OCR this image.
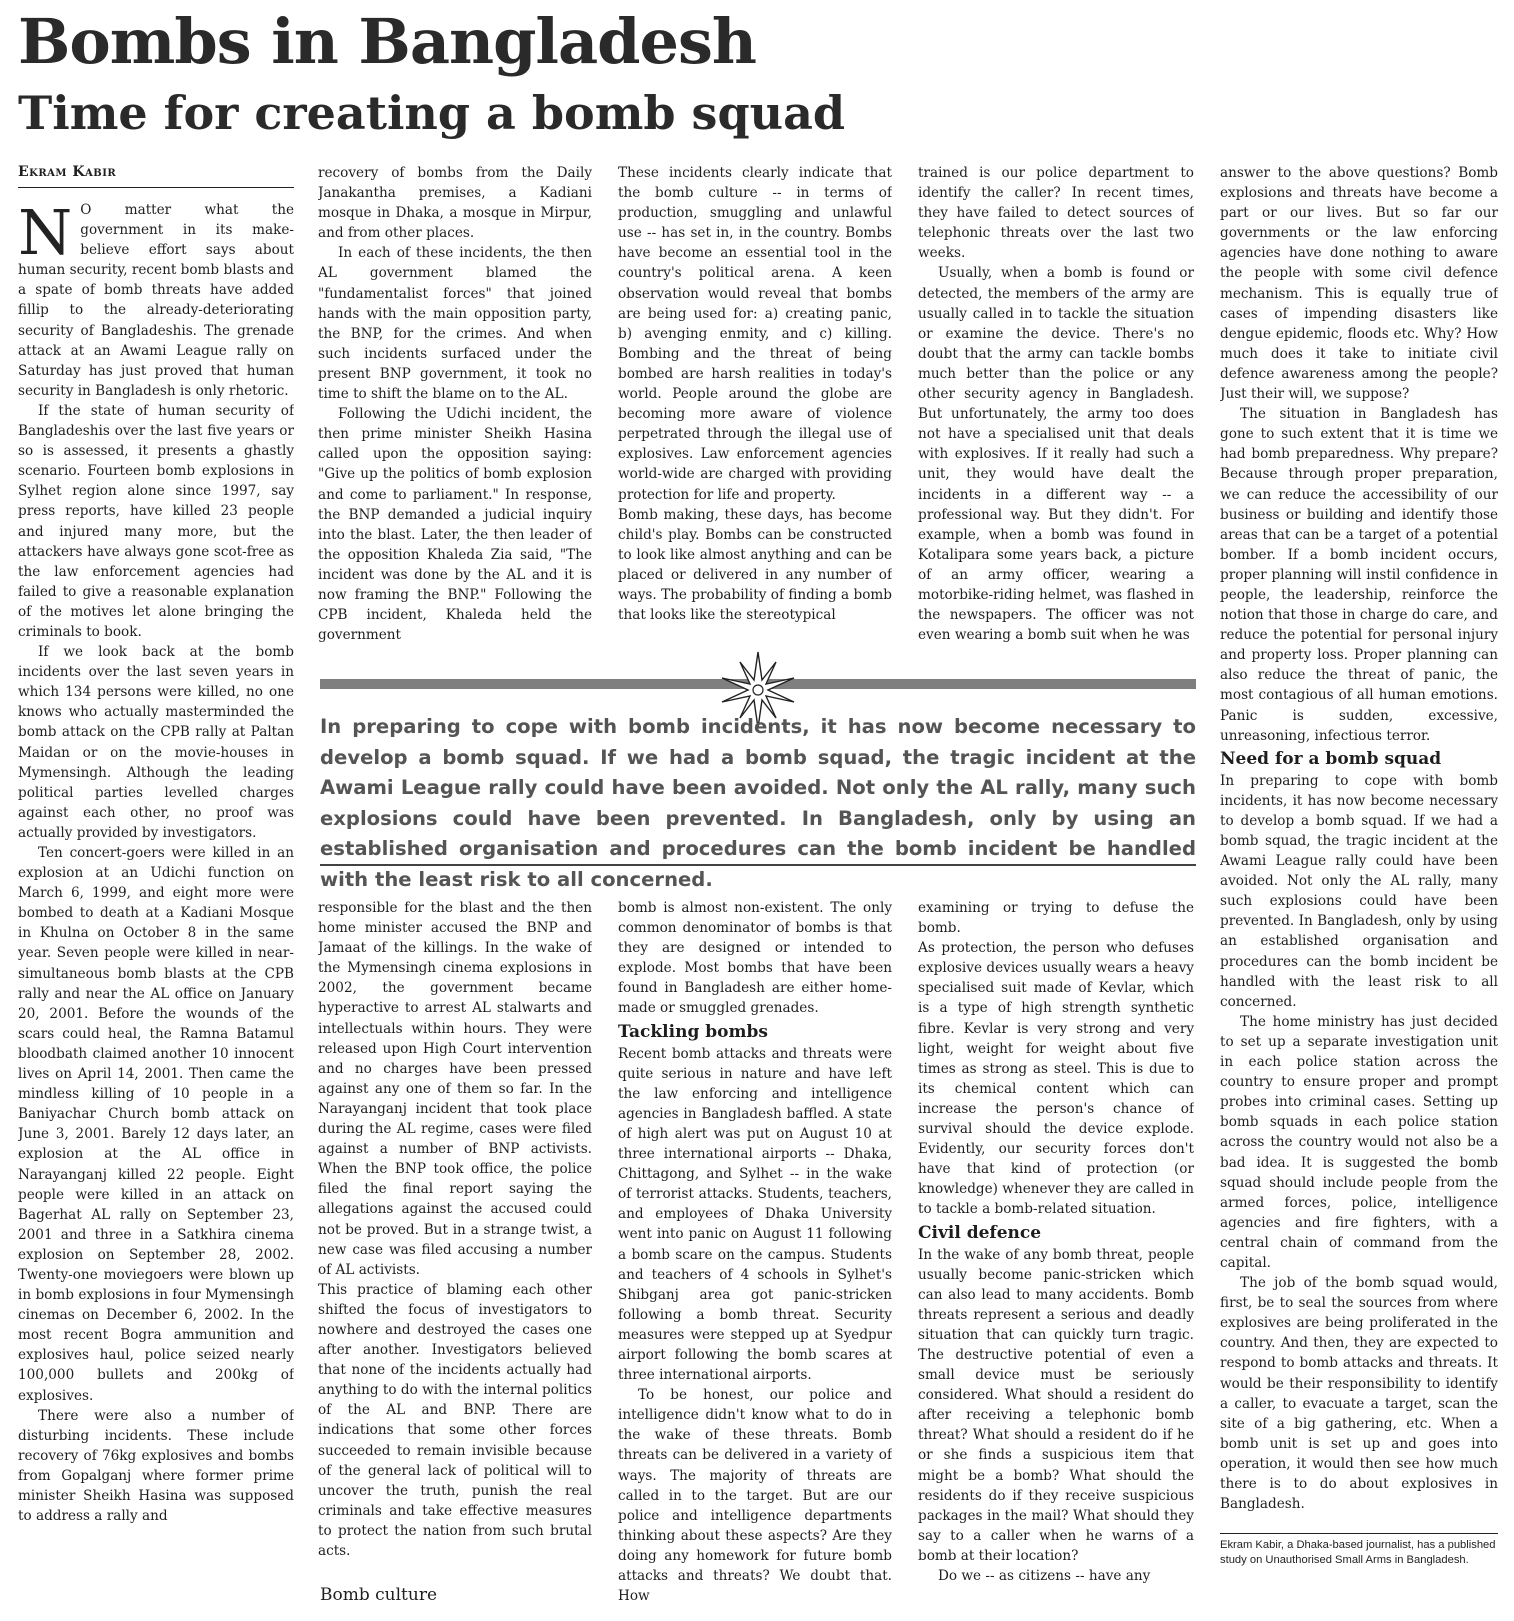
Bombs in Bangladesh
Time for creating a bomb squad
Ekram Kabir

N O matter what the government in its make-believe effort says about human security, recent bomb blasts and a spate of bomb threats have added fillip to the already-deteriorating security of Bangladeshis. The grenade attack at an Awami League rally on Saturday has just proved that human security in Bangladesh is only rhetoric.

If the state of human security of Bangladeshis over the last five years or so is assessed, it presents a ghastly scenario. Fourteen bomb explosions in Sylhet region alone since 1997, say press reports, have killed 23 people and injured many more, but the attackers have always gone scot-free as the law enforcement agencies had failed to give a reasonable explanation of the motives let alone bringing the criminals to book.

If we look back at the bomb incidents over the last seven years in which 134 persons were killed, no one knows who actually masterminded the bomb attack on the CPB rally at Paltan Maidan or on the movie-houses in Mymensingh. Although the leading political parties levelled charges against each other, no proof was actually provided by investigators.

Ten concert-goers were killed in an explosion at an Udichi function on March 6, 1999, and eight more were bombed to death at a Kadiani Mosque in Khulna on October 8 in the same year. Seven people were killed in near-simultaneous bomb blasts at the CPB rally and near the AL office on January 20, 2001. Before the wounds of the scars could heal, the Ramna Batamul bloodbath claimed another 10 innocent lives on April 14, 2001. Then came the mindless killing of 10 people in a Baniyachar Church bomb attack on June 3, 2001. Barely 12 days later, an explosion at the AL office in Narayanganj killed 22 people. Eight people were killed in an attack on Bagerhat AL rally on September 23, 2001 and three in a Satkhira cinema explosion on September 28, 2002. Twenty-one moviegoers were blown up in bomb explosions in four Mymensingh cinemas on December 6, 2002. In the most recent Bogra ammunition and explosives haul, police seized nearly 100,000 bullets and 200kg of explosives.

There were also a number of disturbing incidents. These include recovery of 76kg explosives and bombs from Gopalganj where former prime minister Sheikh Hasina was supposed to address a rally and

recovery of bombs from the Daily Janakantha premises, a Kadiani mosque in Dhaka, a mosque in Mirpur, and from other places.

In each of these incidents, the then AL government blamed the "fundamentalist forces" that joined hands with the main opposition party, the BNP, for the crimes. And when such incidents surfaced under the present BNP government, it took no time to shift the blame on to the AL.

Following the Udichi incident, the then prime minister Sheikh Hasina called upon the opposition saying: "Give up the politics of bomb explosion and come to parliament." In response, the BNP demanded a judicial inquiry into the blast. Later, the then leader of the opposition Khaleda Zia said, "The incident was done by the AL and it is now framing the BNP." Following the CPB incident, Khaleda held the government

These incidents clearly indicate that the bomb culture -- in terms of production, smuggling and unlawful use -- has set in, in the country. Bombs have become an essential tool in the country's political arena. A keen observation would reveal that bombs are being used for: a) creating panic, b) avenging enmity, and c) killing. Bombing and the threat of being bombed are harsh realities in today's world. People around the globe are becoming more aware of violence perpetrated through the illegal use of explosives. Law enforcement agencies world-wide are charged with providing protection for life and property.

Bomb making, these days, has become child's play. Bombs can be constructed to look like almost anything and can be placed or delivered in any number of ways. The probability of finding a bomb that looks like the stereotypical

trained is our police department to identify the caller? In recent times, they have failed to detect sources of telephonic threats over the last two weeks.

Usually, when a bomb is found or detected, the members of the army are usually called in to tackle the situation or examine the device. There's no doubt that the army can tackle bombs much better than the police or any other security agency in Bangladesh. But unfortunately, the army too does not have a specialised unit that deals with explosives. If it really had such a unit, they would have dealt the incidents in a different way -- a professional way. But they didn't. For example, when a bomb was found in Kotalipara some years back, a picture of an army officer, wearing a motorbike-riding helmet, was flashed in the newspapers. The officer was not even wearing a bomb suit when he was

In preparing to cope with bomb incidents, it has now become necessary to develop a bomb squad. If we had a bomb squad, the tragic incident at the Awami League rally could have been avoided. Not only the AL rally, many such explosions could have been prevented. In Bangladesh, only by using an established organisation and procedures can the bomb incident be handled with the least risk to all concerned.

responsible for the blast and the then home minister accused the BNP and Jamaat of the killings. In the wake of the Mymensingh cinema explosions in 2002, the government became hyperactive to arrest AL stalwarts and intellectuals within hours. They were released upon High Court intervention and no charges have been pressed against any one of them so far. In the Narayanganj incident that took place during the AL regime, cases were filed against a number of BNP activists. When the BNP took office, the police filed the final report saying the allegations against the accused could not be proved. But in a strange twist, a new case was filed accusing a number of AL activists.

This practice of blaming each other shifted the focus of investigators to nowhere and destroyed the cases one after another. Investigators believed that none of the incidents actually had anything to do with the internal politics of the AL and BNP. There are indications that some other forces succeeded to remain invisible because of the general lack of political will to uncover the truth, punish the real criminals and take effective measures to protect the nation from such brutal acts.

Bomb culture

bomb is almost non-existent. The only common denominator of bombs is that they are designed or intended to explode. Most bombs that have been found in Bangladesh are either home-made or smuggled grenades.

Tackling bombs

Recent bomb attacks and threats were quite serious in nature and have left the law enforcing and intelligence agencies in Bangladesh baffled. A state of high alert was put on August 10 at three international airports -- Dhaka, Chittagong, and Sylhet -- in the wake of terrorist attacks. Students, teachers, and employees of Dhaka University went into panic on August 11 following a bomb scare on the campus. Students and teachers of 4 schools in Sylhet's Shibganj area got panic-stricken following a bomb threat. Security measures were stepped up at Syedpur airport following the bomb scares at three international airports.

To be honest, our police and intelligence didn't know what to do in the wake of these threats. Bomb threats can be delivered in a variety of ways. The majority of threats are called in to the target. But are our police and intelligence departments thinking about these aspects? Are they doing any homework for future bomb attacks and threats? We doubt that. How

examining or trying to defuse the bomb.

As protection, the person who defuses explosive devices usually wears a heavy specialised suit made of Kevlar, which is a type of high strength synthetic fibre. Kevlar is very strong and very light, weight for weight about five times as strong as steel. This is due to its chemical content which can increase the person's chance of survival should the device explode. Evidently, our security forces don't have that kind of protection (or knowledge) whenever they are called in to tackle a bomb-related situation.

Civil defence

In the wake of any bomb threat, people usually become panic-stricken which can also lead to many accidents. Bomb threats represent a serious and deadly situation that can quickly turn tragic. The destructive potential of even a small device must be seriously considered. What should a resident do after receiving a telephonic bomb threat? What should a resident do if he or she finds a suspicious item that might be a bomb? What should the residents do if they receive suspicious packages in the mail? What should they say to a caller when he warns of a bomb at their location?

Do we -- as citizens -- have any

answer to the above questions? Bomb explosions and threats have become a part or our lives. But so far our governments or the law enforcing agencies have done nothing to aware the people with some civil defence mechanism. This is equally true of cases of impending disasters like dengue epidemic, floods etc. Why? How much does it take to initiate civil defence awareness among the people? Just their will, we suppose?

The situation in Bangladesh has gone to such extent that it is time we had bomb preparedness. Why prepare? Because through proper preparation, we can reduce the accessibility of our business or building and identify those areas that can be a target of a potential bomber. If a bomb incident occurs, proper planning will instil confidence in people, the leadership, reinforce the notion that those in charge do care, and reduce the potential for personal injury and property loss. Proper planning can also reduce the threat of panic, the most contagious of all human emotions. Panic is sudden, excessive, unreasoning, infectious terror.

Need for a bomb squad

In preparing to cope with bomb incidents, it has now become necessary to develop a bomb squad. If we had a bomb squad, the tragic incident at the Awami League rally could have been avoided. Not only the AL rally, many such explosions could have been prevented. In Bangladesh, only by using an established organisation and procedures can the bomb incident be handled with the least risk to all concerned.

The home ministry has just decided to set up a separate investigation unit in each police station across the country to ensure proper and prompt probes into criminal cases. Setting up bomb squads in each police station across the country would not also be a bad idea. It is suggested the bomb squad should include people from the armed forces, police, intelligence agencies and fire fighters, with a central chain of command from the capital.

The job of the bomb squad would, first, be to seal the sources from where explosives are being proliferated in the country. And then, they are expected to respond to bomb attacks and threats. It would be their responsibility to identify a caller, to evacuate a target, scan the site of a big gathering, etc. When a bomb unit is set up and goes into operation, it would then see how much there is to do about explosives in Bangladesh.

Ekram Kabir, a Dhaka-based journalist, has a published study on Unauthorised Small Arms in Bangladesh.
